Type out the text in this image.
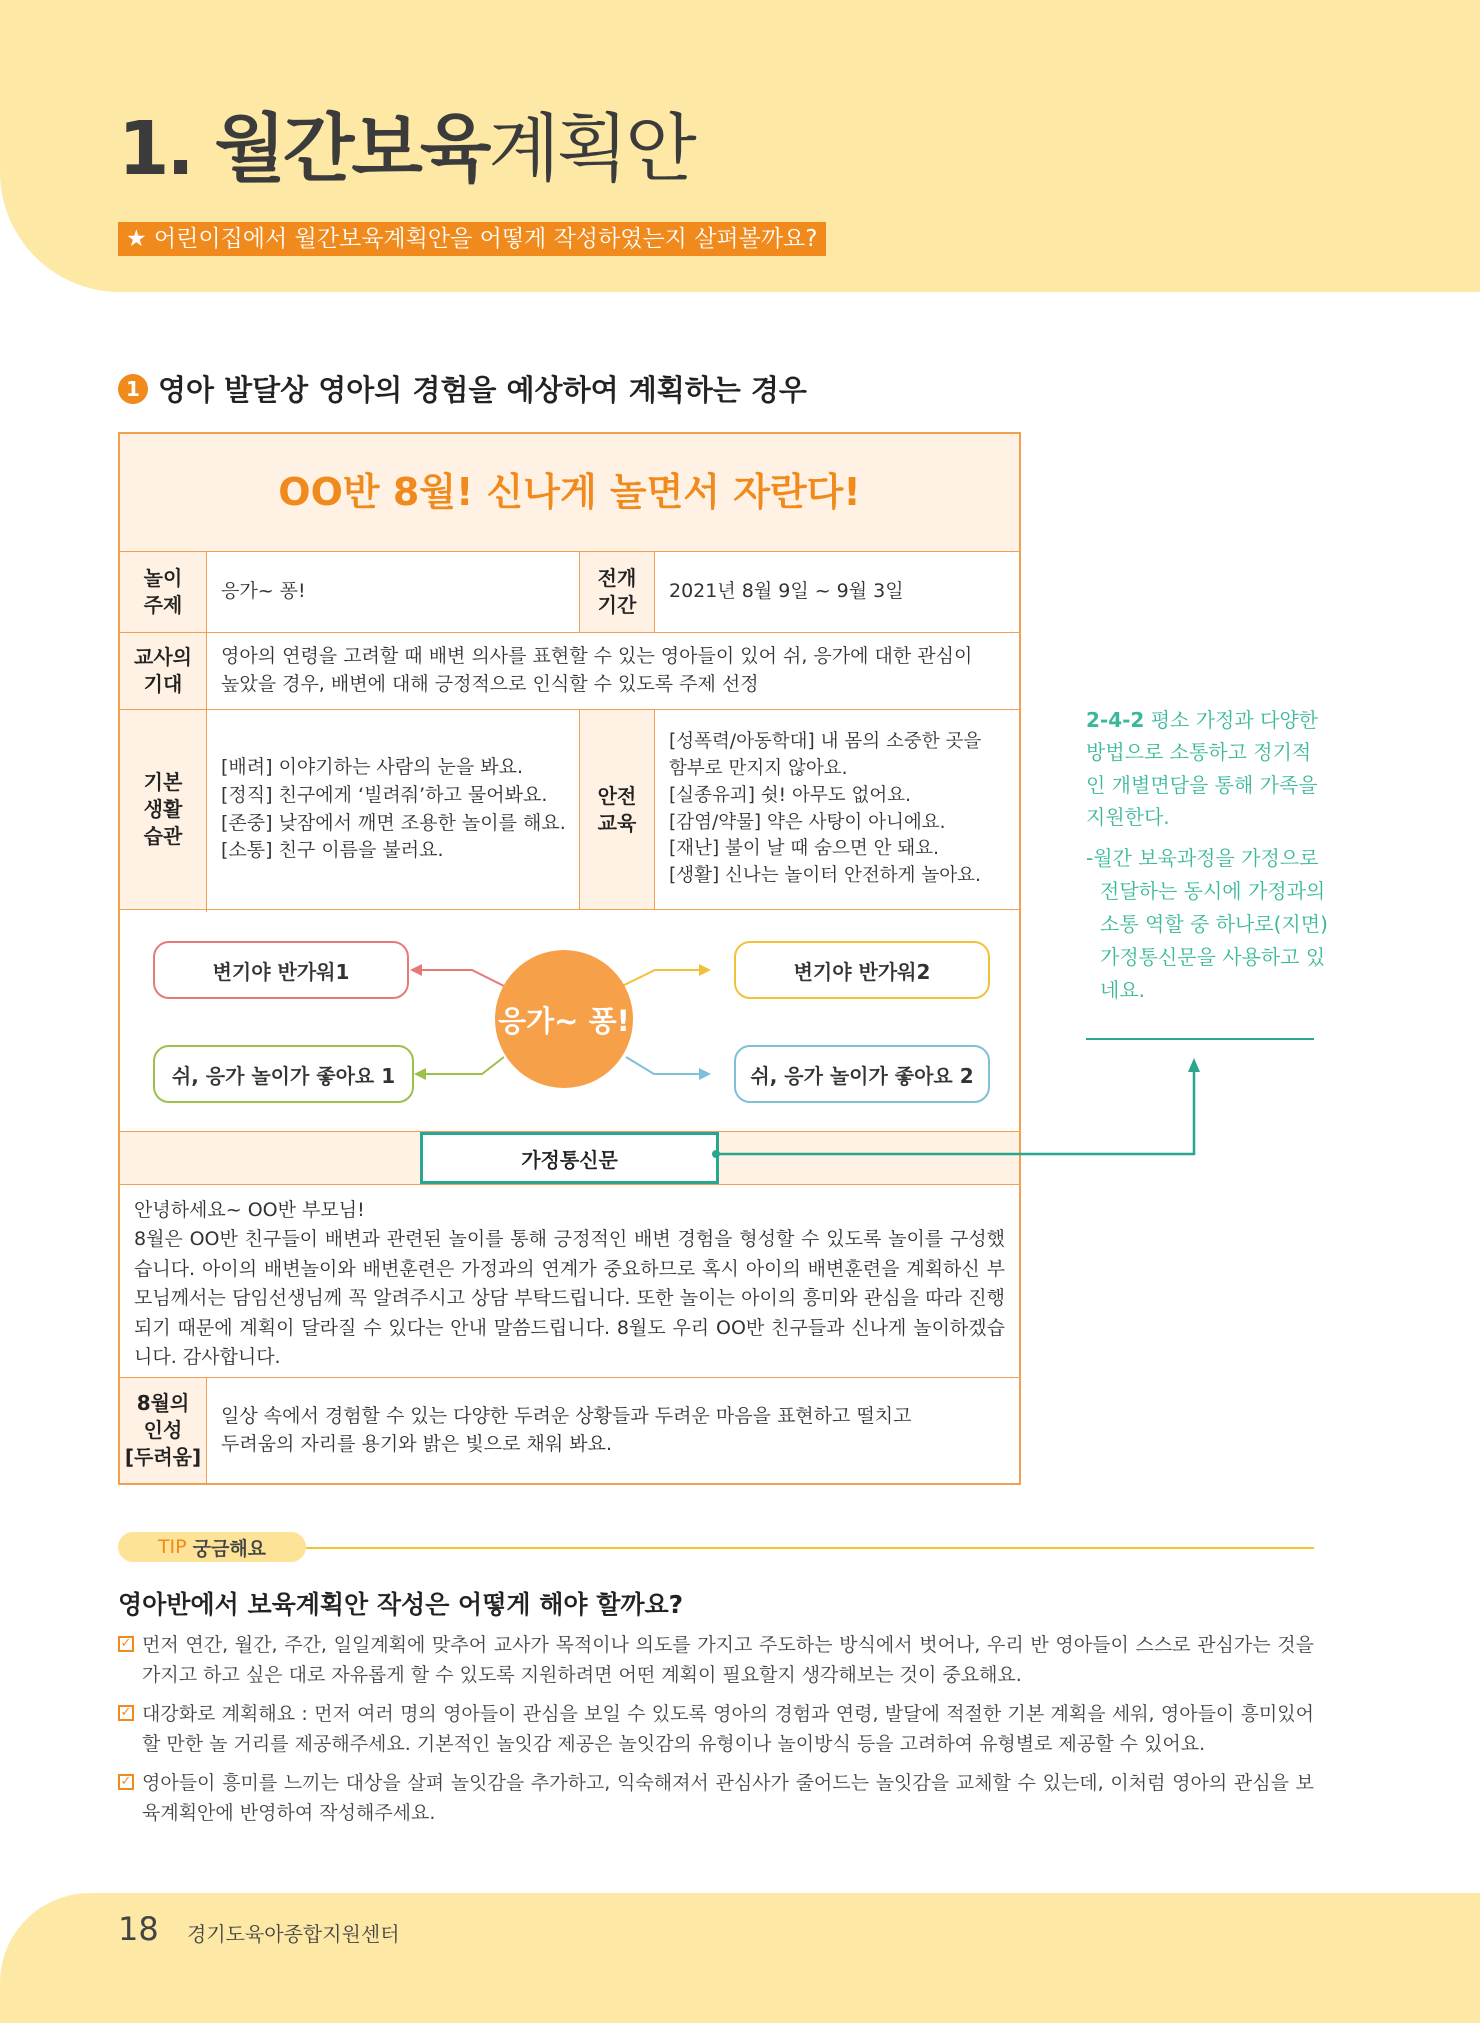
1. 월간보육계획안
★ 어린이집에서 월간보육계획안을 어떻게 작성하였는지 살펴볼까요?
1 영아 발달상 영아의 경험을 예상하여 계획하는 경우
OO반 8월! 신나게 놀면서 자란다!
놀이
주제
응가~ 퐁!
전개
기간
2021년 8월 9일 ~ 9월 3일
교사의
기대
영아의 연령을 고려할 때 배변 의사를 표현할 수 있는 영아들이 있어 쉬, 응가에 대한 관심이
높았을 경우, 배변에 대해 긍정적으로 인식할 수 있도록 주제 선정
기본
생활
습관
[배려] 이야기하는 사람의 눈을 봐요.
[정직] 친구에게 ‘빌려줘’하고 물어봐요.
[존중] 낮잠에서 깨면 조용한 놀이를 해요.
[소통] 친구 이름을 불러요.
안전
교육
[성폭력/아동학대] 내 몸의 소중한 곳을
함부로 만지지 않아요.
[실종유괴] 쉿! 아무도 없어요.
[감염/약물] 약은 사탕이 아니에요.
[재난] 불이 날 때 숨으면 안 돼요.
[생활] 신나는 놀이터 안전하게 놀아요.
변기야 반가워1	변기야 반가워2
쉬, 응가 놀이가 좋아요 1	쉬, 응가 놀이가 좋아요 2
응가~ 퐁!
가정통신문

안녕하세요~ OO반 부모님!

8월은 OO반 친구들이 배변과 관련된 놀이를 통해 긍정적인 배변 경험을 형성할 수 있도록 놀이를 구성했습니다. 아이의 배변놀이와 배변훈련은 가정과의 연계가 중요하므로 혹시 아이의 배변훈련을 계획하신 부모님께서는 담임선생님께 꼭 알려주시고 상담 부탁드립니다. 또한 놀이는 아이의 흥미와 관심을 따라 진행되기 때문에 계획이 달라질 수 있다는 안내 말씀드립니다. 8월도 우리 OO반 친구들과 신나게 놀이하겠습니다. 감사합니다.

8월의
인성
[두려움]
일상 속에서 경험할 수 있는 다양한 두려운 상황들과 두려운 마음을 표현하고 떨치고
두려움의 자리를 용기와 밝은 빛으로 채워 봐요.
2-4-2 평소 가정과 다양한 방법으로 소통하고 정기적인 개별면담을 통해 가족을 지원한다.
-월간 보육과정을 가정으로 전달하는 동시에 가정과의 소통 역할 중 하나로(지면) 가정통신문을 사용하고 있네요.
TIP 궁금해요
영아반에서 보육계획안 작성은 어떻게 해야 할까요?
✓ 먼저 연간, 월간, 주간, 일일계획에 맞추어 교사가 목적이나 의도를 가지고 주도하는 방식에서 벗어나, 우리 반 영아들이 스스로 관심가는 것을 가지고 하고 싶은 대로 자유롭게 할 수 있도록 지원하려면 어떤 계획이 필요할지 생각해보는 것이 중요해요.
✓ 대강화로 계획해요 : 먼저 여러 명의 영아들이 관심을 보일 수 있도록 영아의 경험과 연령, 발달에 적절한 기본 계획을 세워, 영아들이 흥미있어 할 만한 놀 거리를 제공해주세요. 기본적인 놀잇감 제공은 놀잇감의 유형이나 놀이방식 등을 고려하여 유형별로 제공할 수 있어요.
✓ 영아들이 흥미를 느끼는 대상을 살펴 놀잇감을 추가하고, 익숙해져서 관심사가 줄어드는 놀잇감을 교체할 수 있는데, 이처럼 영아의 관심을 보육계획안에 반영하여 작성해주세요.
18 경기도육아종합지원센터
